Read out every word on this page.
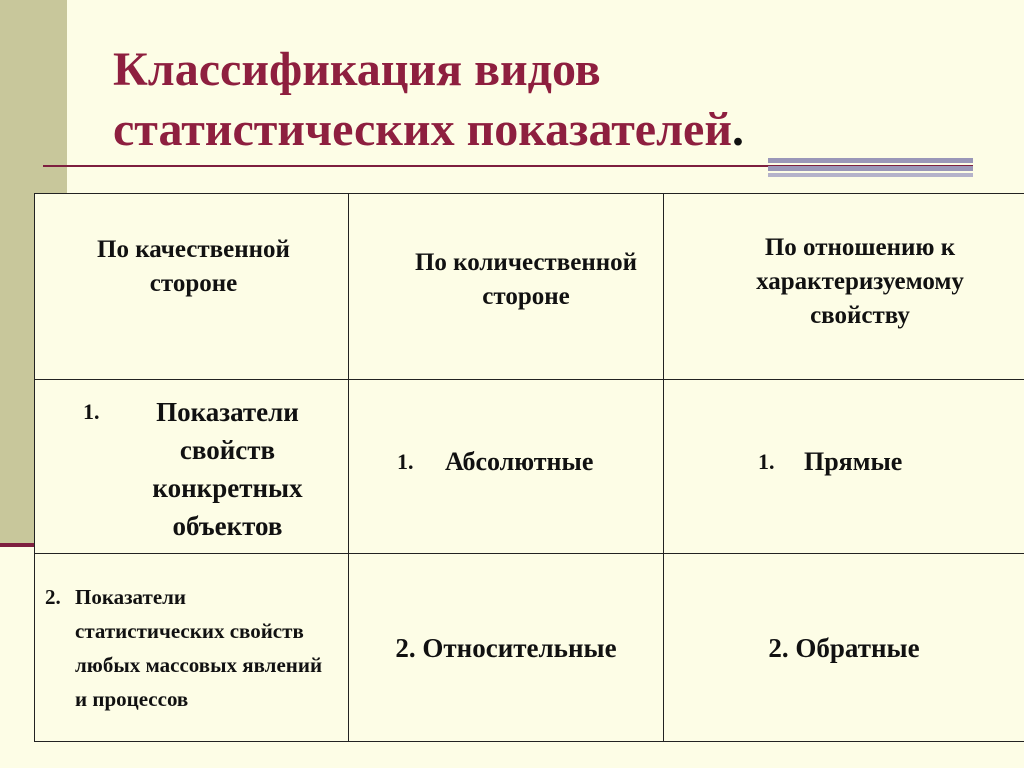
Классификация видов
статистических показателей.
По качественной стороне	По количественной стороне	По отношению к характеризуемому свойству

1. Показатели свойств конкретных объектов	1. Абсолютные	1. Прямые

2. Показатели статистических свойств любых массовых явлений и процессов	2. Относительные	2. Обратные
